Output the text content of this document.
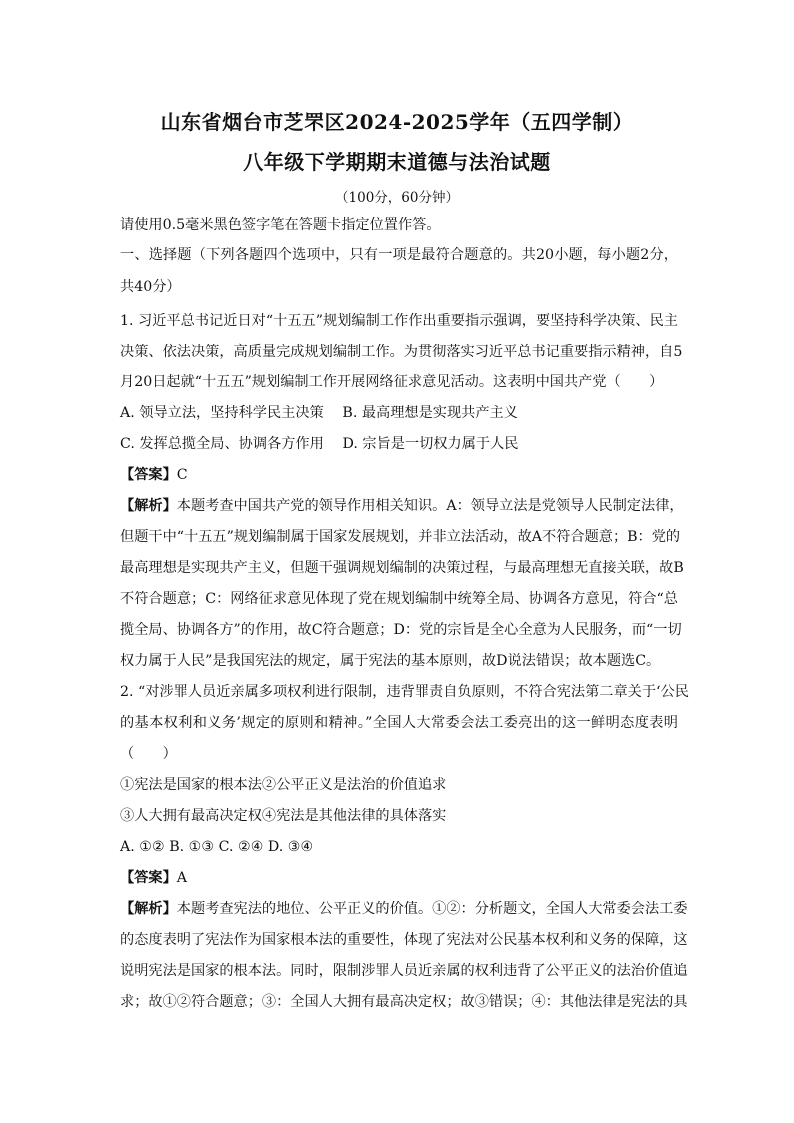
山东省烟台市芝罘区2024-2025学年（五四学制）
八年级下学期期末道德与法治试题
（100分，60分钟）
请使用0.5毫米黑色签字笔在答题卡指定位置作答。
一、选择题（下列各题四个选项中，只有一项是最符合题意的。共20小题，每小题2分，
共40分）
1. 习近平总书记近日对“十五五”规划编制工作作出重要指示强调，要坚持科学决策、民主
决策、依法决策，高质量完成规划编制工作。为贯彻落实习近平总书记重要指示精神，自5
月20日起就“十五五”规划编制工作开展网络征求意见活动。这表明中国共产党（　　）
A. 领导立法，坚持科学民主决策　 B. 最高理想是实现共产主义
C. 发挥总揽全局、协调各方作用　 D. 宗旨是一切权力属于人民
【答案】C
【解析】本题考查中国共产党的领导作用相关知识。A：领导立法是党领导人民制定法律，
但题干中“十五五”规划编制属于国家发展规划，并非立法活动，故A不符合题意；B：党的
最高理想是实现共产主义，但题干强调规划编制的决策过程，与最高理想无直接关联，故B
不符合题意；C：网络征求意见体现了党在规划编制中统筹全局、协调各方意见，符合“总
揽全局、协调各方”的作用，故C符合题意；D：党的宗旨是全心全意为人民服务，而“一切
权力属于人民”是我国宪法的规定，属于宪法的基本原则，故D说法错误；故本题选C。
2. “对涉罪人员近亲属多项权利进行限制，违背罪责自负原则，不符合宪法第二章关于‘公民
的基本权利和义务’规定的原则和精神。”全国人大常委会法工委亮出的这一鲜明态度表明
（　　）
①宪法是国家的根本法②公平正义是法治的价值追求
③人大拥有最高决定权④宪法是其他法律的具体落实
A. ①② B. ①③ C. ②④ D. ③④
【答案】A
【解析】本题考查宪法的地位、公平正义的价值。①②：分析题文，全国人大常委会法工委
的态度表明了宪法作为国家根本法的重要性，体现了宪法对公民基本权利和义务的保障，这
说明宪法是国家的根本法。同时，限制涉罪人员近亲属的权利违背了公平正义的法治价值追
求；故①②符合题意；③：全国人大拥有最高决定权；故③错误；④：其他法律是宪法的具
